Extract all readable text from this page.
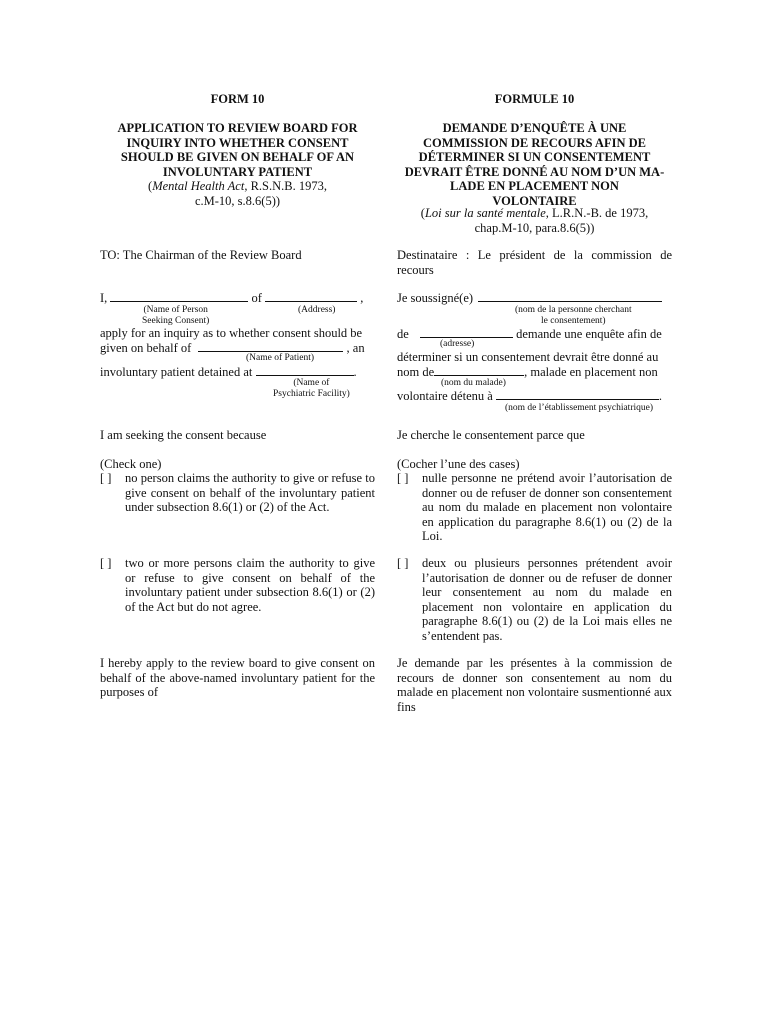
FORM 10
APPLICATION TO REVIEW BOARD FOR
INQUIRY INTO WHETHER CONSENT
SHOULD BE GIVEN ON BEHALF OF AN
INVOLUNTARY PATIENT
(Mental Health Act, R.S.N.B. 1973,
c.M-10, s.8.6(5))
TO: The Chairman of the Review Board
I,	of	,
(Name of Person
Seeking Consent)
(Address)
apply for an inquiry as to whether consent should be
given on behalf of	, an
(Name of Patient)
involuntary patient detained at	.
(Name of
Psychiatric Facility)
I am seeking the consent because
(Check one)
[ ]	no person claims the authority to give or refuse to give consent on behalf of the involuntary patient under subsection 8.6(1) or (2) of the Act.
[ ]	two or more persons claim the authority to give or refuse to give consent on behalf of the involuntary patient under subsection 8.6(1) or (2) of the Act but do not agree.
I hereby apply to the review board to give consent on behalf of the above-named involuntary patient for the purposes of
FORMULE 10
DEMANDE D’ENQUÊTE À UNE
COMMISSION DE RECOURS AFIN DE
DÉTERMINER SI UN CONSENTEMENT
DEVRAIT ÊTRE DONNÉ AU NOM D’UN MA-
LADE EN PLACEMENT NON
VOLONTAIRE
(Loi sur la santé mentale, L.R.N.-B. de 1973,
chap.M-10, para.8.6(5))
Destinataire : Le président de la commission de recours
Je soussigné(e)
(nom de la personne cherchant
le consentement)
de	demande une enquête afin de
(adresse)
déterminer si un consentement devrait être donné au
nom de	, malade en placement non
(nom du malade)
volontaire détenu à	.
(nom de l’établissement psychiatrique)
Je cherche le consentement parce que
(Cocher l’une des cases)
[ ]	nulle personne ne prétend avoir l’autorisation de donner ou de refuser de donner son consentement au nom du malade en placement non volontaire en application du paragraphe 8.6(1) ou (2) de la Loi.
[ ]	deux ou plusieurs personnes prétendent avoir l’autorisation de donner ou de refuser de donner leur consentement au nom du malade en placement non volontaire en application du paragraphe 8.6(1) ou (2) de la Loi mais elles ne s’entendent pas.
Je demande par les présentes à la commission de recours de donner son consentement au nom du malade en placement non volontaire susmentionné aux fins
